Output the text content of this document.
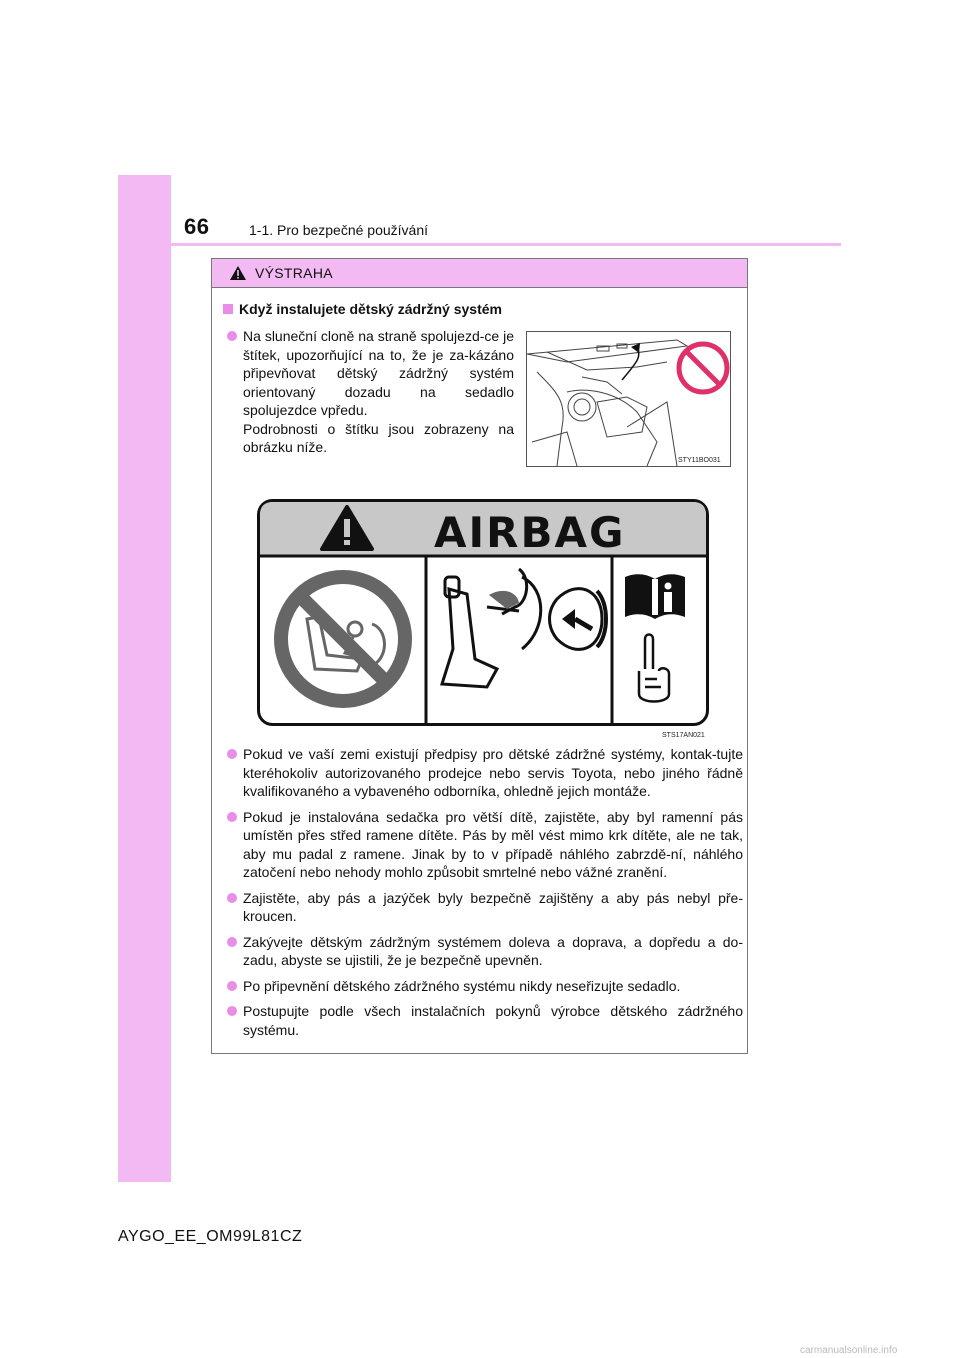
66	1-1. Pro bezpečné používání
VÝSTRAHA
Když instalujete dětský zádržný systém
Na sluneční cloně na straně spolujezd-ce je štítek, upozorňující na to, že je za-kázáno připevňovat dětský zádržný systém orientovaný dozadu na sedadlo spolujezdce vpředu.
Podrobnosti o štítku jsou zobrazeny na obrázku níže.
STY11BO031
AIRBAG
STS17AN021
Pokud ve vaší zemi existují předpisy pro dětské zádržné systémy, kontak-tujte kteréhokoliv autorizovaného prodejce nebo servis Toyota, nebo jiného řádně kvalifikovaného a vybaveného odborníka, ohledně jejich montáže.
Pokud je instalována sedačka pro větší dítě, zajistěte, aby byl ramenní pás umístěn přes střed ramene dítěte. Pás by měl vést mimo krk dítěte, ale ne tak, aby mu padal z ramene. Jinak by to v případě náhlého zabrzdě-ní, náhlého zatočení nebo nehody mohlo způsobit smrtelné nebo vážné zranění.
Zajistěte, aby pás a jazýček byly bezpečně zajištěny a aby pás nebyl pře-kroucen.
Zakývejte dětským zádržným systémem doleva a doprava, a dopředu a do-zadu, abyste se ujistili, že je bezpečně upevněn.
Po připevnění dětského zádržného systému nikdy neseřizujte sedadlo.
Postupujte podle všech instalačních pokynů výrobce dětského zádržného systému.
AYGO_EE_OM99L81CZ
carmanualsonline.info
